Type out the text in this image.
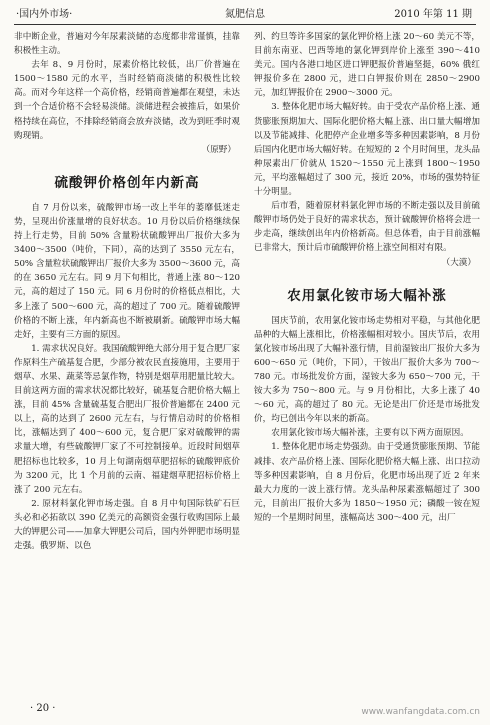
·国内外市场·	氮肥信息	2010 年第 11 期

非中断企业，普遍对今年尿素淡储的态度都非常谨慎，挂靠积极性主动。

去年 8、9 月份时，尿素价格比较低，出厂价普遍在 1500～1580 元的水平，当时经销商淡储的积极性比较高。而对今年这样一个高价格，经销商普遍都在观望，未达到一个合适价格不会轻易淡储。淡储进程会被推后，如果价格持续在高位，不排除经销商会放弃淡储，改为到旺季时观购现销。

（原野）
硫酸钾价格创年内新高

自 7 月份以来，硫酸钾市场一改上半年的萎靡低迷走势，呈现出价涨量增的良好状态。10 月份以后价格继续保持上行走势，目前 50% 含量粉状硫酸钾出厂报价大多为 3400～3500（吨价，下同），高的达到了 3550 元左右，50% 含量粒状硫酸钾出厂报价大多为 3500～3600 元，高的在 3650 元左右。同 9 月下旬相比，普通上涨 80～120 元，高的超过了 150 元。同 6 月份时的价格低点相比，大多上涨了 500～600 元，高的超过了 700 元。随着硫酸钾价格的不断上涨，年内新高也不断被刷新。硫酸钾市场大幅走好，主要有三方面的原因。

1. 需求状况良好。我国硫酸钾绝大部分用于复合肥厂家作原料生产硫基复合肥，少部分被农民直接施用，主要用于烟草、水果、蔬菜等忌氯作物，特别是烟草用肥量比较大。目前这两方面的需求状况都比较好，硫基复合肥价格大幅上涨，目前 45% 含量硫基复合肥出厂报价普遍都在 2400 元以上，高的达到了 2600 元左右，与行情启动时的价格相比，涨幅达到了 400～600 元，复合肥厂家对硫酸钾的需求量大增，有些硫酸钾厂家了不可控制接单。近段时间烟草肥招标也比较多，10 月上旬湖南烟草肥招标的硫酸钾底价为 3200 元，比 1 个月前的云南、福建烟草肥招标价格上涨了 200 元左右。

2. 原材料氯化钾市场走强。自 8 月中旬国际铁矿石巨头必和必拓欲以 390 亿美元的高额资金强行收购国际上最大的钾肥公司——加拿大钾肥公司后，国内外钾肥市场明显走强。俄罗斯、以色

列、约旦等许多国家的氯化钾价格上涨 20～60 美元不等，目前东南亚、巴西等地的氯化钾到岸价上涨至 390～410 美元。国内各港口地区进口钾肥报价普遍坚挺，60% 俄红钾报价多在 2800 元，进口白钾报价则在 2850～2900 元，加红钾报价在 2900～3000 元。

3. 整体化肥市场大幅好转。由于受农产品价格上涨、通货膨胀预期加大、国际化肥价格大幅上涨、出口量大幅增加以及节能减排、化肥停产企业增多等多种因素影响，8 月份后国内化肥市场大幅好转。在短短的 2 个月时间里，龙头品种尿素出厂价就从 1520～1550 元上涨到 1800～1950 元，平均涨幅超过了 300 元，接近 20%，市场的强势特征十分明显。

后市看，随着原材料氯化钾市场的不断走强以及目前硫酸钾市场仍处于良好的需求状态，预计硫酸钾价格将会进一步走高，继续创出年内价格新高。但总体看，由于目前涨幅已非常大，预计后市硫酸钾价格上涨空间相对有限。

（大漠）
农用氯化铵市场大幅补涨

国庆节前，农用氯化铵市场走势相对平稳，与其他化肥品种的大幅上涨相比，价格涨幅相对较小。国庆节后，农用氯化铵市场出现了大幅补涨行情，目前湿铵出厂报价大多为 600～650 元（吨价，下同），干铵出厂报价大多为 700～780 元。市场批发价方面，湿铵大多为 650～700 元，干铵大多为 750～800 元。与 9 月份相比，大多上涨了 40～60 元，高的超过了 80 元。无论是出厂价还是市场批发价，均已创出今年以来的新高。

农用氯化铵市场大幅补涨，主要有以下两方面原因。

1. 整体化肥市场走势强劲。由于受通货膨胀预期、节能减排、农产品价格上涨、国际化肥价格大幅上涨、出口拉动等多种因素影响，自 8 月份后，化肥市场出现了近 2 年来最大力度的一波上涨行情。龙头品种尿素涨幅超过了 300 元，目前出厂报价大多为 1850～1950 元；磷酸一铵在短短的一个星期时间里，涨幅高达 300～400 元，出厂

· 20 ·	www.wanfangdata.com.cn
